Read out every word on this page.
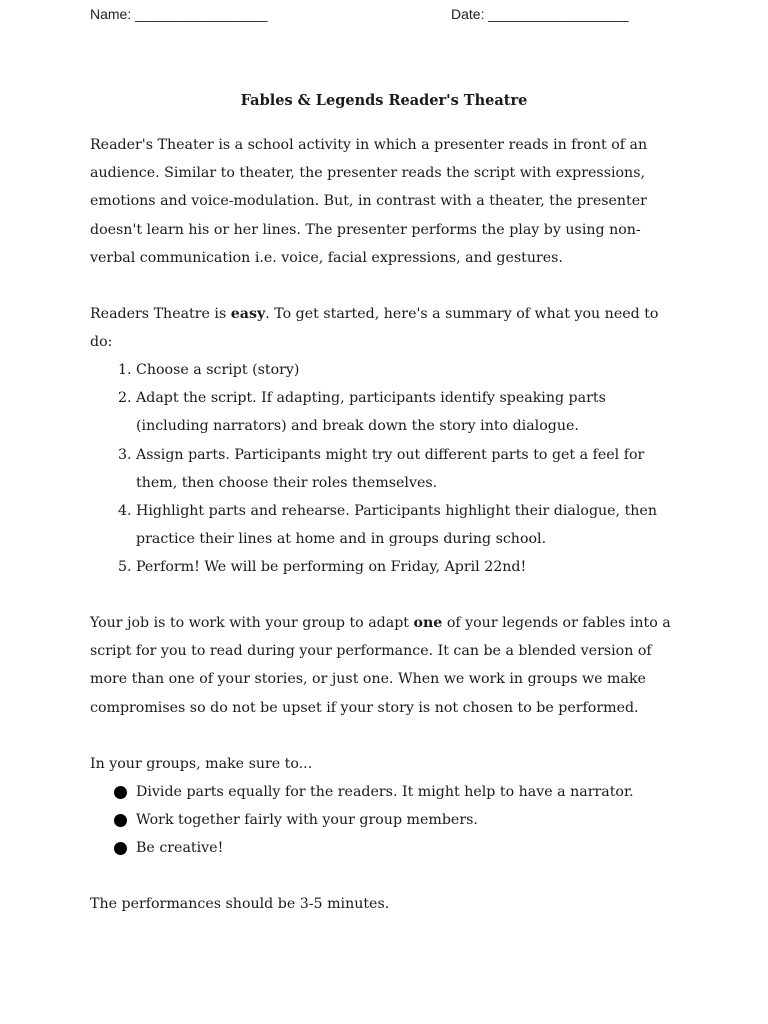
Name: _________________	Date: __________________
Fables & Legends Reader's Theatre

Reader's Theater is a school activity in which a presenter reads in front of an audience. Similar to theater, the presenter reads the script with expressions, emotions and voice-modulation. But, in contrast with a theater, the presenter doesn't learn his or her lines. The presenter performs the play by using non-verbal communication i.e. voice, facial expressions, and gestures.

Readers Theatre is easy. To get started, here's a summary of what you need to do:

1. Choose a script (story)
2. Adapt the script. If adapting, participants identify speaking parts (including narrators) and break down the story into dialogue.
3. Assign parts. Participants might try out different parts to get a feel for them, then choose their roles themselves.
4. Highlight parts and rehearse. Participants highlight their dialogue, then practice their lines at home and in groups during school.
5. Perform! We will be performing on Friday, April 22nd!

Your job is to work with your group to adapt one of your legends or fables into a script for you to read during your performance. It can be a blended version of more than one of your stories, or just one. When we work in groups we make compromises so do not be upset if your story is not chosen to be performed.

In your groups, make sure to...

Divide parts equally for the readers. It might help to have a narrator.
Work together fairly with your group members.
Be creative!

The performances should be 3-5 minutes.
